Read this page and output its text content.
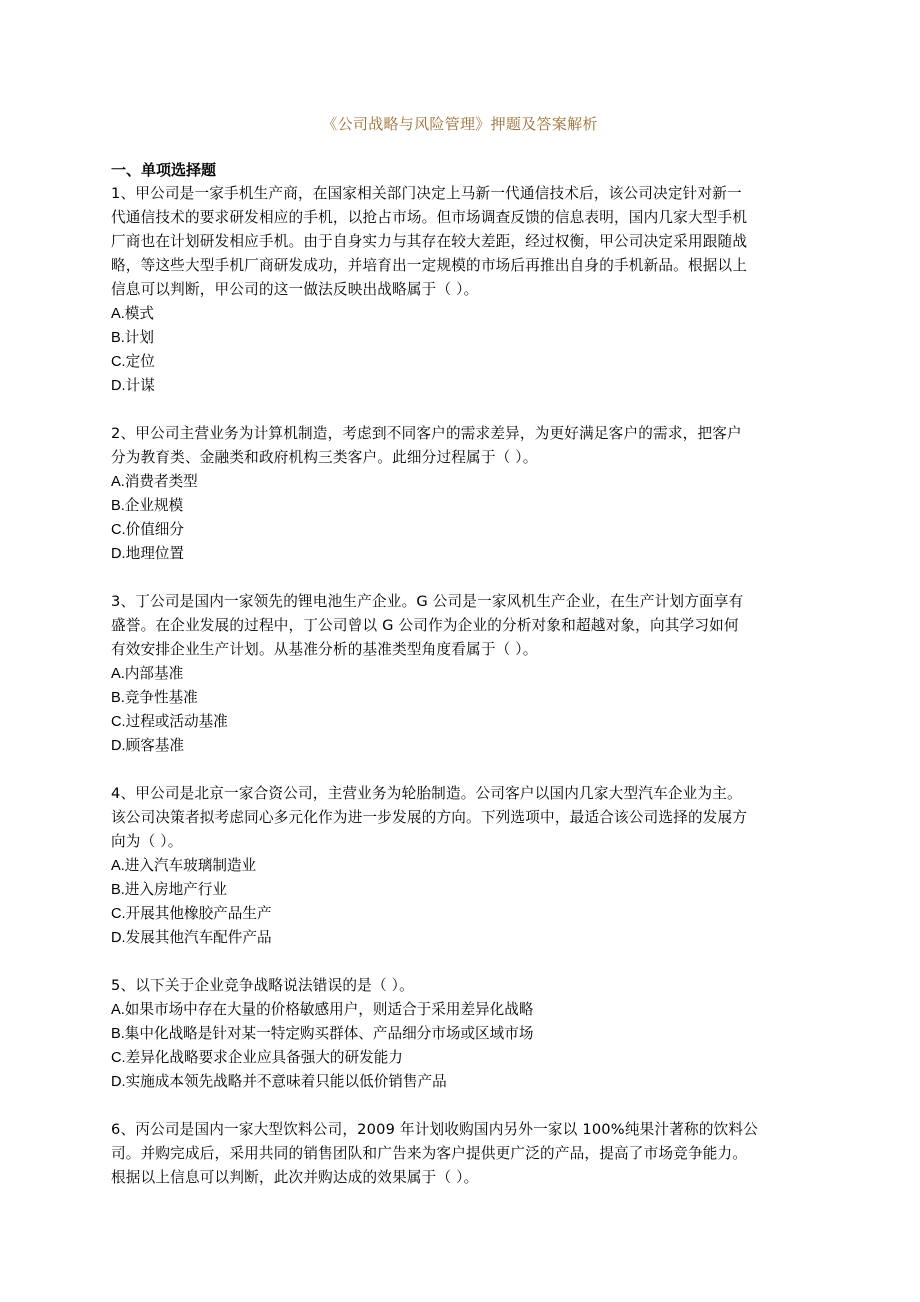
《公司战略与风险管理》押题及答案解析
一、单项选择题
1、甲公司是一家手机生产商，在国家相关部门决定上马新一代通信技术后，该公司决定针对新一
代通信技术的要求研发相应的手机，以抢占市场。但市场调查反馈的信息表明，国内几家大型手机
厂商也在计划研发相应手机。由于自身实力与其存在较大差距，经过权衡，甲公司决定采用跟随战
略，等这些大型手机厂商研发成功，并培育出一定规模的市场后再推出自身的手机新品。根据以上
信息可以判断，甲公司的这一做法反映出战略属于（ ）。
A.模式
B.计划
C.定位
D.计谋
2、甲公司主营业务为计算机制造，考虑到不同客户的需求差异，为更好满足客户的需求，把客户
分为教育类、金融类和政府机构三类客户。此细分过程属于（ ）。
A.消费者类型
B.企业规模
C.价值细分
D.地理位置
3、丁公司是国内一家领先的锂电池生产企业。G 公司是一家风机生产企业，在生产计划方面享有
盛誉。在企业发展的过程中，丁公司曾以 G 公司作为企业的分析对象和超越对象，向其学习如何
有效安排企业生产计划。从基准分析的基准类型角度看属于（ ）。
A.内部基准
B.竞争性基准
C.过程或活动基准
D.顾客基准
4、甲公司是北京一家合资公司，主营业务为轮胎制造。公司客户以国内几家大型汽车企业为主。
该公司决策者拟考虑同心多元化作为进一步发展的方向。下列选项中，最适合该公司选择的发展方
向为（ ）。
A.进入汽车玻璃制造业
B.进入房地产行业
C.开展其他橡胶产品生产
D.发展其他汽车配件产品
5、以下关于企业竞争战略说法错误的是（ ）。
A.如果市场中存在大量的价格敏感用户，则适合于采用差异化战略
B.集中化战略是针对某一特定购买群体、产品细分市场或区域市场
C.差异化战略要求企业应具备强大的研发能力
D.实施成本领先战略并不意味着只能以低价销售产品
6、丙公司是国内一家大型饮料公司，2009 年计划收购国内另外一家以 100%纯果汁著称的饮料公
司。并购完成后，采用共同的销售团队和广告来为客户提供更广泛的产品，提高了市场竞争能力。
根据以上信息可以判断，此次并购达成的效果属于（ ）。
